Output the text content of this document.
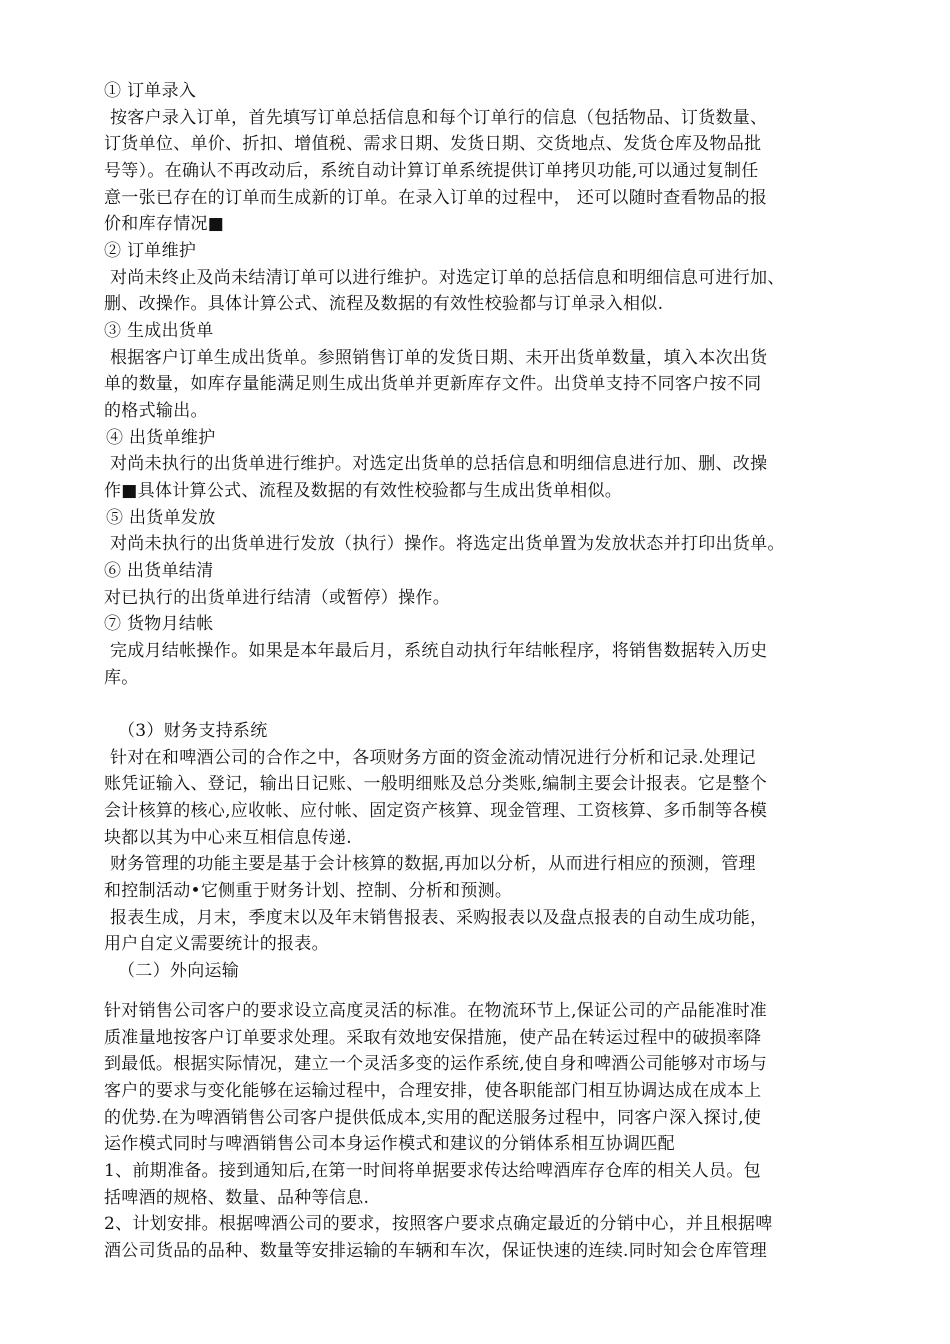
① 订单录入
按客户录入订单，首先填写订单总括信息和每个订单行的信息（包括物品、订货数量、
订货单位、单价、折扣、增值税、需求日期、发货日期、交货地点、发货仓库及物品批
号等）。在确认不再改动后，系统自动计算订单系统提供订单拷贝功能,可以通过复制任
意一张已存在的订单而生成新的订单。在录入订单的过程中， 还可以随时查看物品的报
价和库存情况■
② 订单维护
对尚未终止及尚未结清订单可以进行维护。对选定订单的总括信息和明细信息可进行加、
删、改操作。具体计算公式、流程及数据的有效性校验都与订单录入相似.
③ 生成出货单
根据客户订单生成出货单。参照销售订单的发货日期、未开出货单数量，填入本次出货
单的数量，如库存量能满足则生成出货单并更新库存文件。出贷单支持不同客户按不同
的格式输出。
④ 出货单维护
对尚未执行的出货单进行维护。对选定出货单的总括信息和明细信息进行加、删、改操
作■具体计算公式、流程及数据的有效性校验都与生成出货单相似。
⑤ 出货单发放
对尚未执行的出货单进行发放（执行）操作。将选定出货单置为发放状态并打印出货单。
⑥ 出货单结清
对已执行的出货单进行结清（或暂停）操作。
⑦ 货物月结帐
完成月结帐操作。如果是本年最后月，系统自动执行年结帐程序，将销售数据转入历史
库。
（3）财务支持系统
针对在和啤酒公司的合作之中，各项财务方面的资金流动情况进行分析和记录.处理记
账凭证输入、登记，输出日记账、一般明细账及总分类账,编制主要会计报表。它是整个
会计核算的核心,应收帐、应付帐、固定资产核算、现金管理、工资核算、多币制等各模
块都以其为中心来互相信息传递.
财务管理的功能主要是基于会计核算的数据,再加以分析，从而进行相应的预测，管理
和控制活动•它侧重于财务计划、控制、分析和预测。
报表生成，月末，季度末以及年末销售报表、采购报表以及盘点报表的自动生成功能，
用户自定义需要统计的报表。
（二）外向运输
针对销售公司客户的要求设立高度灵活的标准。在物流环节上,保证公司的产品能准时准
质准量地按客户订单要求处理。采取有效地安保措施，使产品在转运过程中的破损率降
到最低。根据实际情况，建立一个灵活多变的运作系统,使自身和啤酒公司能够对市场与
客户的要求与变化能够在运输过程中，合理安排，使各职能部门相互协调达成在成本上
的优势.在为啤酒销售公司客户提供低成本,实用的配送服务过程中，同客户深入探讨,使
运作模式同时与啤酒销售公司本身运作模式和建议的分销体系相互协调匹配
1、前期准备。接到通知后,在第一时间将单据要求传达给啤酒库存仓库的相关人员。包
括啤酒的规格、数量、品种等信息.
2、计划安排。根据啤酒公司的要求，按照客户要求点确定最近的分销中心，并且根据啤
酒公司货品的品种、数量等安排运输的车辆和车次，保证快速的连续.同时知会仓库管理
